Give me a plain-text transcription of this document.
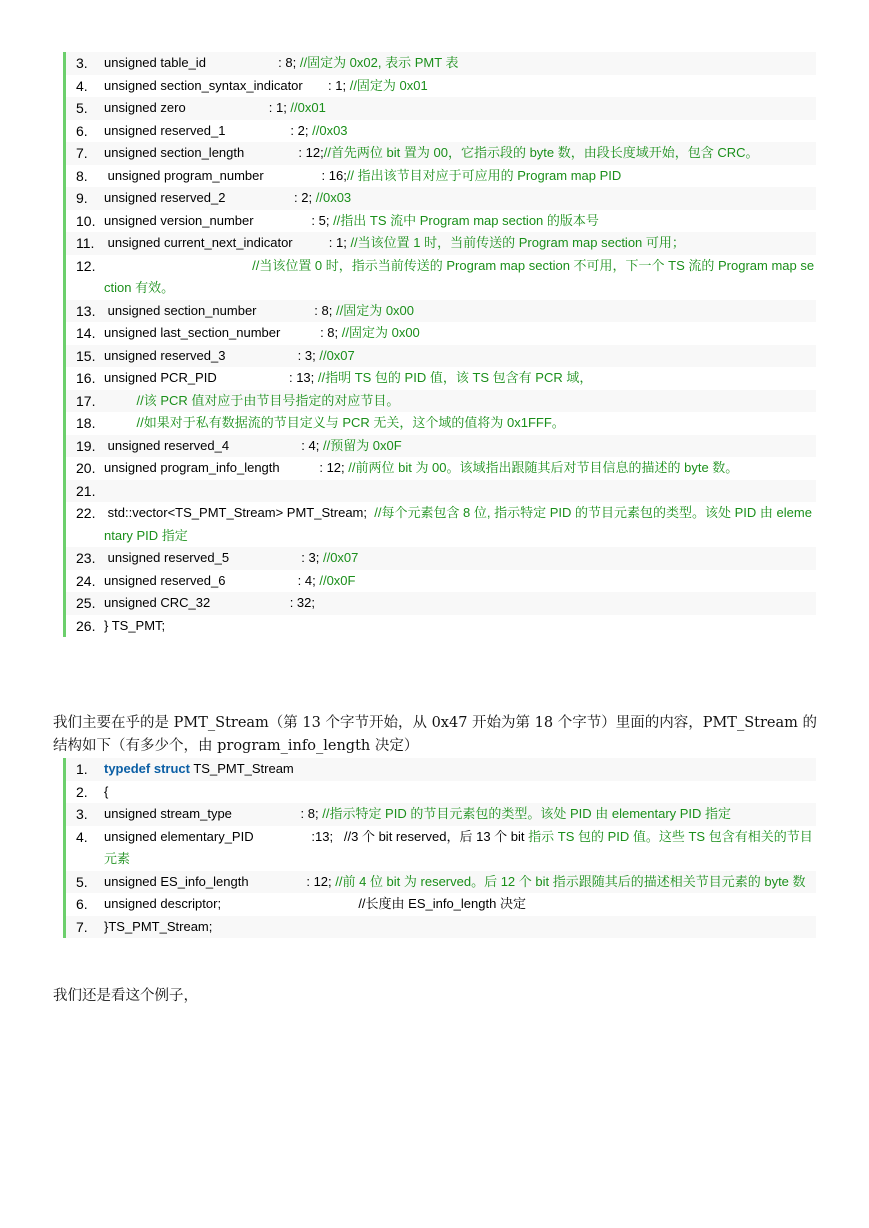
3.	unsigned table_id                    : 8; //固定为 0x02, 表示 PMT 表
4.	unsigned section_syntax_indicator       : 1; //固定为 0x01
5.	unsigned zero                       : 1; //0x01
6.	unsigned reserved_1                  : 2; //0x03
7.	unsigned section_length               : 12;//首先两位 bit 置为 00，它指示段的 byte 数，由段长度域开始，包含 CRC。
8.	unsigned program_number                : 16;// 指出该节目对应于可应用的 Program map PID
9.	unsigned reserved_2                   : 2; //0x03
10. unsigned version_number                : 5; //指出 TS 流中 Program map section 的版本号
11. unsigned current_next_indicator          : 1; //当该位置 1 时，当前传送的 Program map section 可用；
12.	//当该位置 0 时，指示当前传送的 Program map section 不可用，下一个 TS 流的 Program map section 有效。
13. unsigned section_number                : 8; //固定为 0x00
14. unsigned last_section_number           : 8; //固定为 0x00
15. unsigned reserved_3                    : 3; //0x07
16. unsigned PCR_PID                    : 13; //指明 TS 包的 PID 值，该 TS 包含有 PCR 域，
17.	//该 PCR 值对应于由节目号指定的对应节目。
18.	//如果对于私有数据流的节目定义与 PCR 无关，这个域的值将为 0x1FFF。
19. unsigned reserved_4                    : 4; //预留为 0x0F
20. unsigned program_info_length           : 12; //前两位 bit 为 00。该域指出跟随其后对节目信息的描述的 byte 数。
21.

22. std::vector<TS_PMT_Stream> PMT_Stream;  //每个元素包含 8 位, 指示特定 PID 的节目元素包的类型。该处 PID 由 elementary PID 指定
23. unsigned reserved_5                    : 3; //0x07
24. unsigned reserved_6                    : 4; //0x0F
25. unsigned CRC_32                      : 32;
26. } TS_PMT;
我们主要在乎的是 PMT_Stream（第 13 个字节开始，从 0x47 开始为第 18 个字节）里面的内容，PMT_Stream 的结构如下（有多少个，由 program_info_length 决定）
1.	typedef struct TS_PMT_Stream
2.	{
3.	unsigned stream_type                   : 8; //指示特定 PID 的节目元素包的类型。该处 PID 由 elementary PID 指定
4.	unsigned elementary_PID                :13;   //3 个 bit reserved，后 13 个 bit 指示 TS 包的 PID 值。这些 TS 包含有相关的节目元素
5.	unsigned ES_info_length                : 12; //前 4 位 bit 为 reserved。后 12 个 bit 指示跟随其后的描述相关节目元素的 byte 数
6.	unsigned descriptor;                                      //长度由 ES_info_length 决定
7.	}TS_PMT_Stream;
我们还是看这个例子，
